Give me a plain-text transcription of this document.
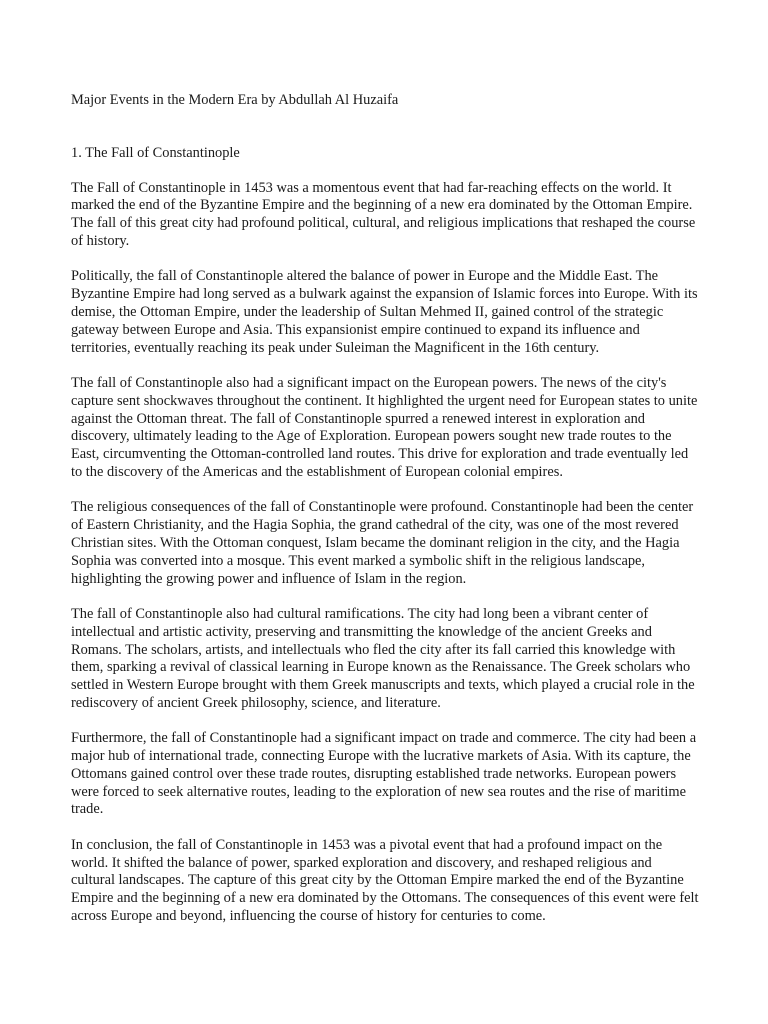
Major Events in the Modern Era by Abdullah Al Huzaifa

1. The Fall of Constantinople

The Fall of Constantinople in 1453 was a momentous event that had far-reaching effects on the world. It marked the end of the Byzantine Empire and the beginning of a new era dominated by the Ottoman Empire. The fall of this great city had profound political, cultural, and religious implications that reshaped the course of history.

Politically, the fall of Constantinople altered the balance of power in Europe and the Middle East. The Byzantine Empire had long served as a bulwark against the expansion of Islamic forces into Europe. With its demise, the Ottoman Empire, under the leadership of Sultan Mehmed II, gained control of the strategic gateway between Europe and Asia. This expansionist empire continued to expand its influence and territories, eventually reaching its peak under Suleiman the Magnificent in the 16th century.

The fall of Constantinople also had a significant impact on the European powers. The news of the city's capture sent shockwaves throughout the continent. It highlighted the urgent need for European states to unite against the Ottoman threat. The fall of Constantinople spurred a renewed interest in exploration and discovery, ultimately leading to the Age of Exploration. European powers sought new trade routes to the East, circumventing the Ottoman-controlled land routes. This drive for exploration and trade eventually led to the discovery of the Americas and the establishment of European colonial empires.

The religious consequences of the fall of Constantinople were profound. Constantinople had been the center of Eastern Christianity, and the Hagia Sophia, the grand cathedral of the city, was one of the most revered Christian sites. With the Ottoman conquest, Islam became the dominant religion in the city, and the Hagia Sophia was converted into a mosque. This event marked a symbolic shift in the religious landscape, highlighting the growing power and influence of Islam in the region.

The fall of Constantinople also had cultural ramifications. The city had long been a vibrant center of intellectual and artistic activity, preserving and transmitting the knowledge of the ancient Greeks and Romans. The scholars, artists, and intellectuals who fled the city after its fall carried this knowledge with them, sparking a revival of classical learning in Europe known as the Renaissance. The Greek scholars who settled in Western Europe brought with them Greek manuscripts and texts, which played a crucial role in the rediscovery of ancient Greek philosophy, science, and literature.

Furthermore, the fall of Constantinople had a significant impact on trade and commerce. The city had been a major hub of international trade, connecting Europe with the lucrative markets of Asia. With its capture, the Ottomans gained control over these trade routes, disrupting established trade networks. European powers were forced to seek alternative routes, leading to the exploration of new sea routes and the rise of maritime trade.

In conclusion, the fall of Constantinople in 1453 was a pivotal event that had a profound impact on the world. It shifted the balance of power, sparked exploration and discovery, and reshaped religious and cultural landscapes. The capture of this great city by the Ottoman Empire marked the end of the Byzantine Empire and the beginning of a new era dominated by the Ottomans. The consequences of this event were felt across Europe and beyond, influencing the course of history for centuries to come.
